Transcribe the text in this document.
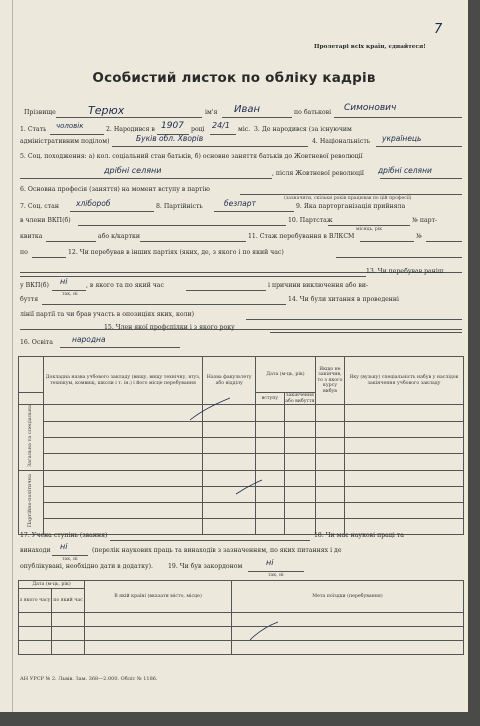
7
Пролетарі всіх країн, єднайтеся!
Особистий листок по обліку кадрів
Прізвище	Терюх	ім'я Иван	по батькові Симонович
1. Стать чоловік	2. Народився в 1907 році 24/1 міс. 3. Де народився (за існуючим
адміністративним поділом)	Букiв обл. Хворiв	4. Національність українець
5. Соц. походження: а) кол. соціальний стан батьків, б) основне заняття батьків до Жовтневої революції
дрібні селяни	, після Жовтневої революції дрібні селяни
6. Основна професія (заняття) на момент вступу в партію
(зазначити, скільки років працював по цій професії)
7. Соц. стан хлібороб	8. Партійність	безпарт	9. Яка парторганізація прийняла
в члени ВКП(б)	10. Партстаж
місяць, рік
№ парт-
квитка	або к/картки	11. Стаж перебування в ВЛКСМ	№
по	12. Чи перебував в інших партіях (яких, де, з якого і по який час)
13. Чи перебував раніш
у ВКП(б) ні
так, ні
, в якого та по який час	і причини виключення або ви-
буття	14. Чи були хитання в проведенні
лінії партії та чи брав участь в опозиціях яких, коли)
15. Член якої профспілки і з якого року
16. Освіта	народна
	Докладна назва учбового закладу (вищу, вищу технічну, втуз, технікум, комвищ, школи і т. ін.) і його місце перебування	Назва факультету або відділу	Дата (м-ць, рік)		Якщо не закінчив, то з якого курсу вибув	Яку (вузьку) спеціальність набув у наслідок закінчення учбового закладу
			вступу	закінчення або вибуття		
Загальна та спеціальна						

Партійно-політична						

17. Учена ступінь (звання)	18. Чи має наукові праці та
винаходи ні
так, ні
(перелік наукових праць та винаходів з зазначенням, по яких питаннях і де
опублікувані, необхідно дати в додатку). 19. Чи був закордоном	ні
так, ні
Дата (м-ць, рік)		В якій країні (вказати місто, місце)	Мета поїздки (перебування)
з якого часу	по який час		

АН УРСР № 2. Львів. Зам. 368—2.000. Обліт № 1186.
